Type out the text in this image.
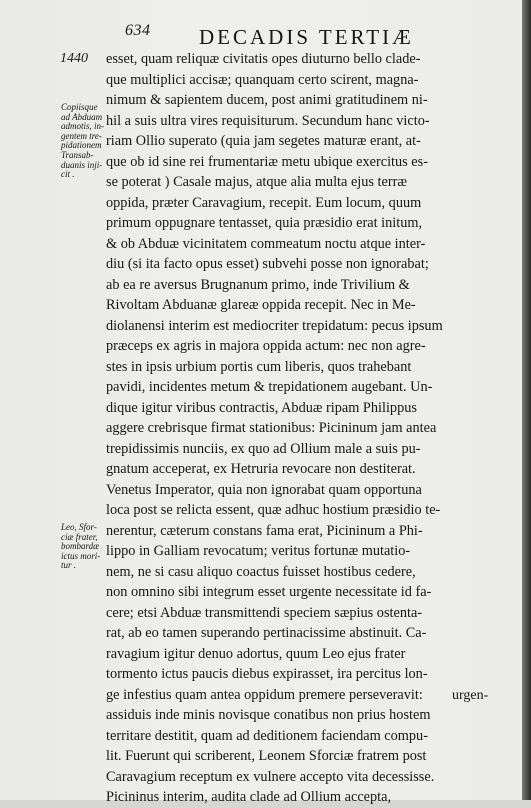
634 DECADIS TERTIÆ
1440
Copiisque
ad Abduam
admotis, in-
gentem tre-
pidationem
Transab-
duanis inji-
cit .
Leo, Sfor-
ciæ frater,
bombardæ
ictus mori-
tur .
esset, quam reliquæ civitatis opes diuturno bello clade-
que multiplici accisæ; quanquam certo scirent, magna-
nimum & sapientem ducem, post animi gratitudinem ni-
hil a suis ultra vires requisiturum. Secundum hanc victo-
riam Ollio superato (quia jam segetes maturæ erant, at-
que ob id sine rei frumentariæ metu ubique exercitus es-
se poterat ) Casale majus, atque alia multa ejus terræ
oppida, præter Caravagium, recepit. Eum locum, quum
primum oppugnare tentasset, quia præsidio erat initum,
& ob Abduæ vicinitatem commeatum noctu atque inter-
diu (si ita facto opus esset) subvehi posse non ignorabat;
ab ea re aversus Brugnanum primo, inde Trivilium &
Rivoltam Abduanæ glareæ oppida recepit. Nec in Me-
diolanensi interim est mediocriter trepidatum: pecus ipsum
præceps ex agris in majora oppida actum: nec non agre-
stes in ipsis urbium portis cum liberis, quos trahebant
pavidi, incidentes metum & trepidationem augebant. Un-
dique igitur viribus contractis, Abduæ ripam Philippus
aggere crebrisque firmat stationibus: Picininum jam antea
trepidissimis nunciis, ex quo ad Ollium male a suis pu-
gnatum acceperat, ex Hetruria revocare non destiterat.
Venetus Imperator, quia non ignorabat quam opportuna
loca post se relicta essent, quæ adhuc hostium præsidio te-
nerentur, cæterum constans fama erat, Picininum a Phi-
lippo in Galliam revocatum; veritus fortunæ mutatio-
nem, ne si casu aliquo coactus fuisset hostibus cedere,
non omnino sibi integrum esset urgente necessitate id fa-
cere; etsi Abduæ transmittendi speciem sæpius ostenta-
rat, ab eo tamen superando pertinacissime abstinuit. Ca-
ravagium igitur denuo adortus, quum Leo ejus frater
tormento ictus paucis diebus expirasset, ira percitus lon-
ge infestius quam antea oppidum premere perseveravit:
assiduis inde minis novisque conatibus non prius hostem
territare destitit, quam ad deditionem faciendam compu-
lit. Fuerunt qui scriberent, Leonem Sforciæ fratrem post
Caravagium receptum ex vulnere accepto vita decessisse.
Picininus interim, audita clade ad Ollium accepta,
urgen-
